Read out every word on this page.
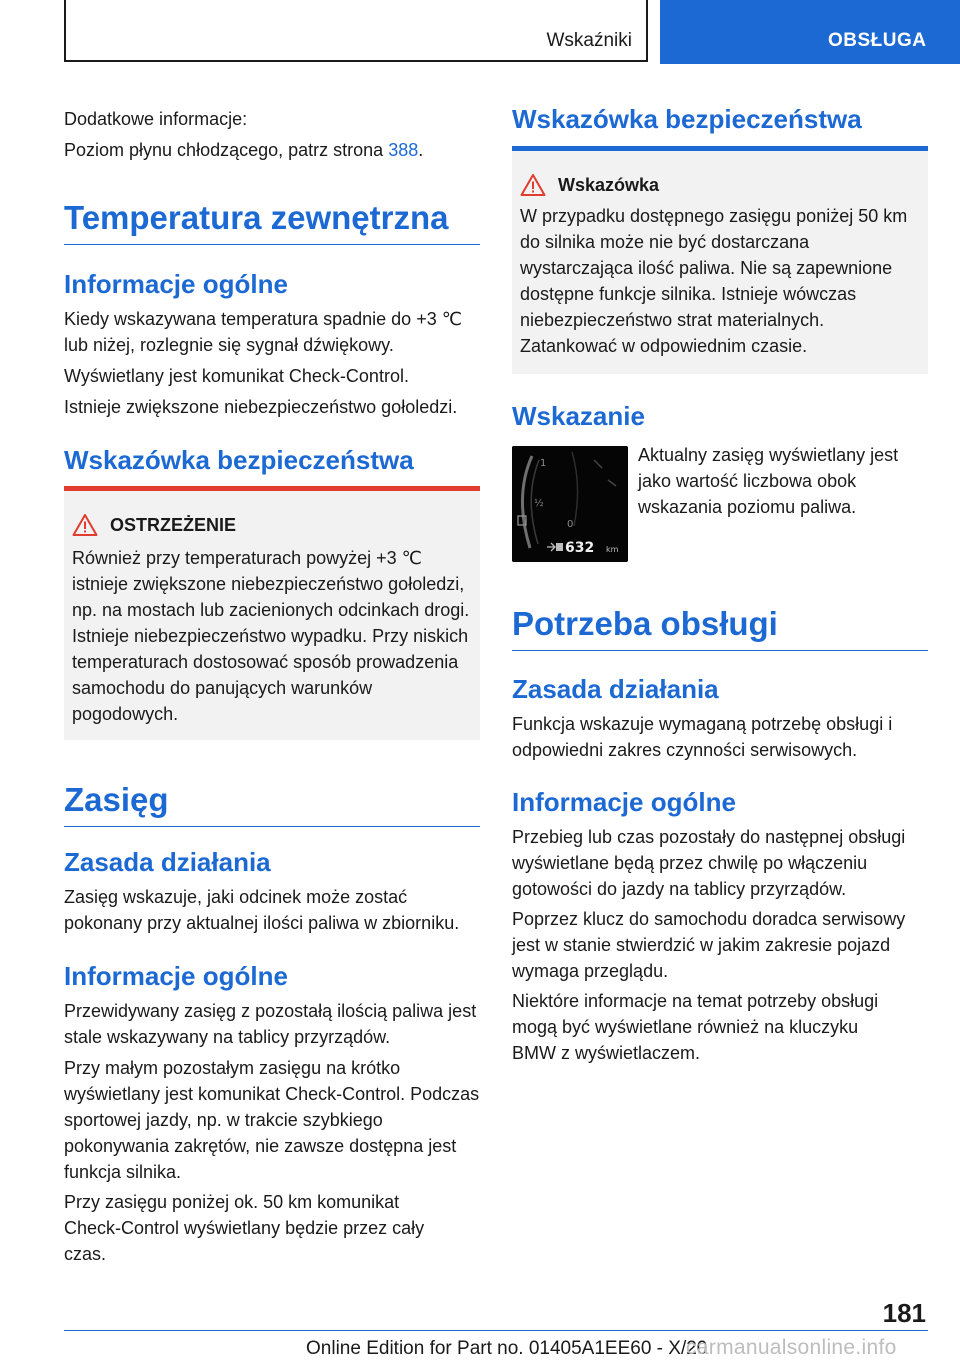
Wskaźniki	OBSŁUGA

Dodatkowe informacje:

Poziom płynu chłodzącego, patrz strona 388.

Temperatura zewnętrzna
Informacje ogólne

Kiedy wskazywana temperatura spadnie do +3 ℃ lub niżej, rozlegnie się sygnał dźwiękowy.

Wyświetlany jest komunikat Check-Control.

Istnieje zwiększone niebezpieczeństwo gołoledzi.

Wskazówka bezpieczeństwa
OSTRZEŻENIE

Również przy temperaturach powyżej +3 ℃ istnieje zwiększone niebezpieczeństwo gołoledzi, np. na mostach lub zacienionych odcinkach drogi. Istnieje niebezpieczeństwo wypadku. Przy niskich temperaturach dostosować sposób prowadzenia samochodu do panujących warunków pogodowych.

Zasięg
Zasada działania

Zasięg wskazuje, jaki odcinek może zostać pokonany przy aktualnej ilości paliwa w zbiorniku.

Informacje ogólne

Przewidywany zasięg z pozostałą ilością paliwa jest stale wskazywany na tablicy przyrządów.

Przy małym pozostałym zasięgu na krótko wyświetlany jest komunikat Check-Control. Podczas sportowej jazdy, np. w trakcie szybkiego pokonywania zakrętów, nie zawsze dostępna jest funkcja silnika.

Przy zasięgu poniżej ok. 50 km komunikat Check-Control wyświetlany będzie przez cały czas.

Wskazówka bezpieczeństwa
Wskazówka

W przypadku dostępnego zasięgu poniżej 50 km do silnika może nie być dostarczana wystarczająca ilość paliwa. Nie są zapewnione dostępne funkcje silnika. Istnieje wówczas niebezpieczeństwo strat materialnych. Zatankować w odpowiednim czasie.

Wskazanie
1
½
0
632 km

Aktualny zasięg wyświetlany jest jako wartość liczbowa obok wskazania poziomu paliwa.

Potrzeba obsługi
Zasada działania

Funkcja wskazuje wymaganą potrzebę obsługi i odpowiedni zakres czynności serwisowych.

Informacje ogólne

Przebieg lub czas pozostały do następnej obsługi wyświetlane będą przez chwilę po włączeniu gotowości do jazdy na tablicy przyrządów.

Poprzez klucz do samochodu doradca serwisowy jest w stanie stwierdzić w jakim zakresie pojazd wymaga przeglądu.

Niektóre informacje na temat potrzeby obsługi mogą być wyświetlane również na kluczyku BMW z wyświetlaczem.

181
Online Edition for Part no. 01405A1EE60 - X/20
carmanualsonline.info
